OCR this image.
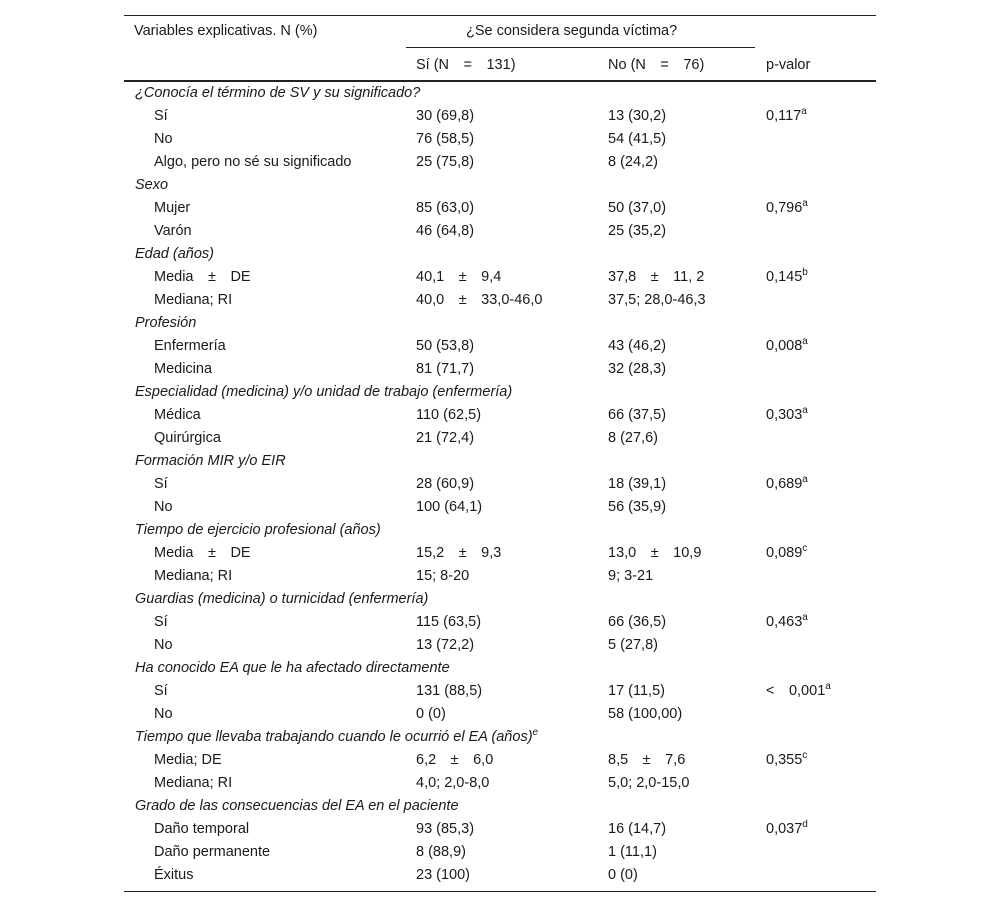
Variables explicativas. N (%)	¿Se considera segunda víctima?
Sí (N  =  131)	No (N  =  76)	p-valor
¿Conocía el término de SV y su significado?
Sí	30 (69,8)	13 (30,2)	0,117$^a$
No	76 (58,5)	54 (41,5)
Algo, pero no sé su significado	25 (75,8)	8 (24,2)
Sexo
Mujer	85 (63,0)	50 (37,0)	0,796$^a$
Varón	46 (64,8)	25 (35,2)
Edad (años)
Media  ±  DE	40,1  ±  9,4	37,8  ±  11, 2	0,145$^b$
Mediana; RI	40,0  ±  33,0-46,0	37,5; 28,0-46,3
Profesión
Enfermería	50 (53,8)	43 (46,2)	0,008$^a$
Medicina	81 (71,7)	32 (28,3)
Especialidad (medicina) y/o unidad de trabajo (enfermería)
Médica	110 (62,5)	66 (37,5)	0,303$^a$
Quirúrgica	21 (72,4)	8 (27,6)
Formación MIR y/o EIR
Sí	28 (60,9)	18 (39,1)	0,689$^a$
No	100 (64,1)	56 (35,9)
Tiempo de ejercicio profesional (años)
Media  ±  DE	15,2  ±  9,3	13,0  ±  10,9	0,089$^c$
Mediana; RI	15; 8-20	9; 3-21
Guardias (medicina) o turnicidad (enfermería)
Sí	115 (63,5)	66 (36,5)	0,463$^a$
No	13 (72,2)	5 (27,8)
Ha conocido EA que le ha afectado directamente
Sí	131 (88,5)	17 (11,5)	<  0,001$^a$
No	0 (0)	58 (100,00)
Tiempo que llevaba trabajando cuando le ocurrió el EA (años)$^e$
Media; DE	6,2  ±  6,0	8,5  ±  7,6	0,355$^c$
Mediana; RI	4,0; 2,0-8,0	5,0; 2,0-15,0
Grado de las consecuencias del EA en el paciente
Daño temporal	93 (85,3)	16 (14,7)	0,037$^d$
Daño permanente	8 (88,9)	1 (11,1)
Éxitus	23 (100)	0 (0)
